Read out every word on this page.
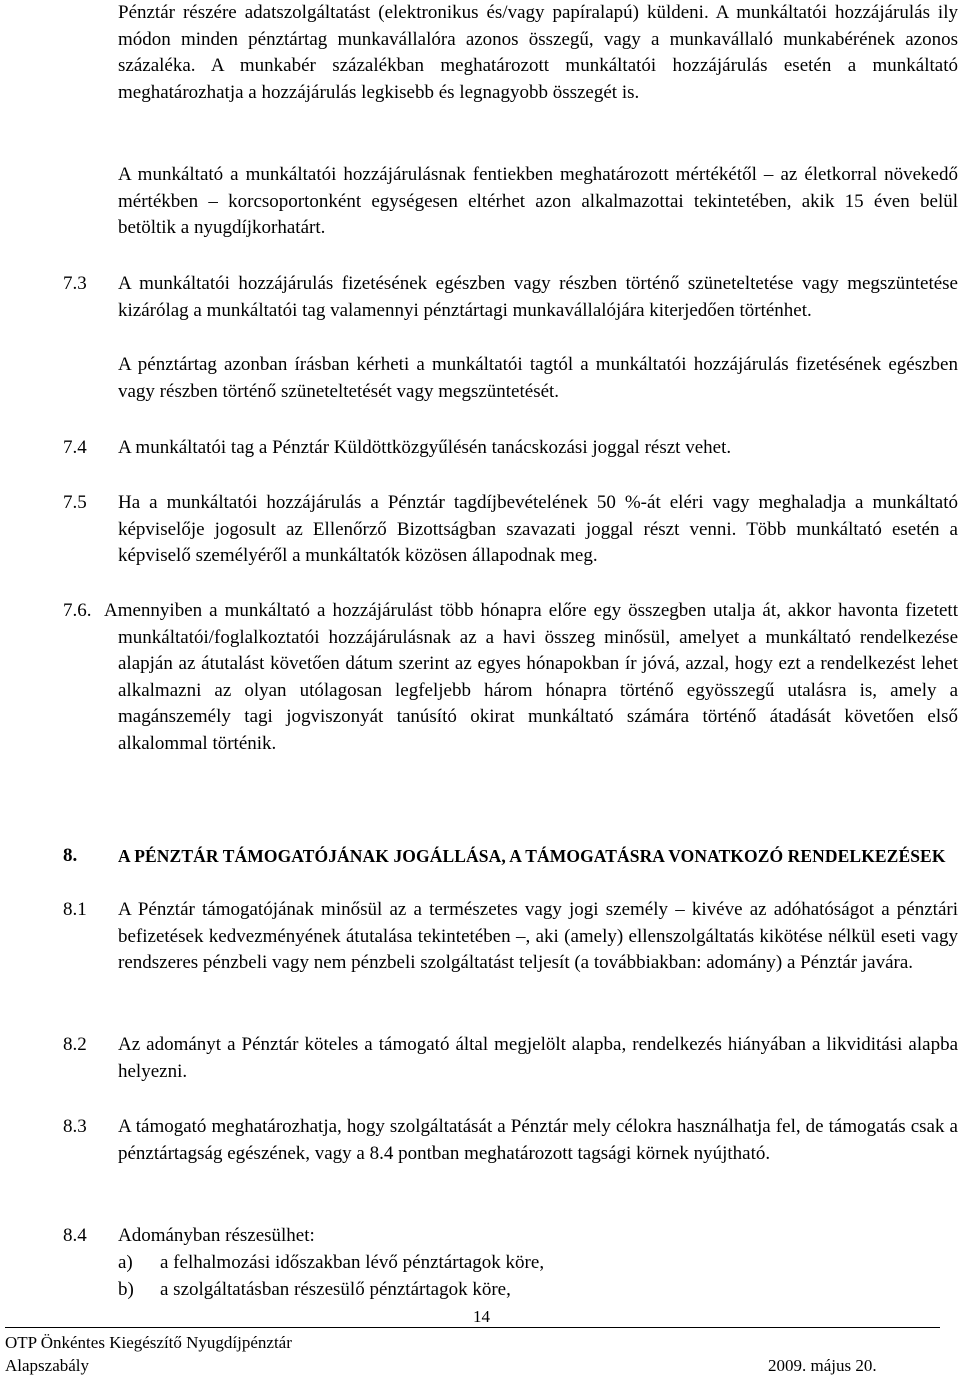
Pénztár részére adatszolgáltatást (elektronikus és/vagy papíralapú) küldeni. A munkáltatói hozzájárulás ily módon minden pénztártag munkavállalóra azonos összegű, vagy a munkavállaló munkabérének azonos százaléka. A munkabér százalékban meghatározott munkáltatói hozzájárulás esetén a munkáltató meghatározhatja a hozzájárulás legkisebb és legnagyobb összegét is.

A munkáltató a munkáltatói hozzájárulásnak fentiekben meghatározott mértékétől – az életkorral növekedő mértékben – korcsoportonként egységesen eltérhet azon alkalmazottai tekintetében, akik 15 éven belül betöltik a nyugdíjkorhatárt.

7.3 A munkáltatói hozzájárulás fizetésének egészben vagy részben történő szüneteltetése vagy megszüntetése kizárólag a munkáltatói tag valamennyi pénztártagi munkavállalójára kiterjedően történhet.

A pénztártag azonban írásban kérheti a munkáltatói tagtól a munkáltatói hozzájárulás fizetésének egészben vagy részben történő szüneteltetését vagy megszüntetését.

7.4 A munkáltatói tag a Pénztár Küldöttközgyűlésén tanácskozási joggal részt vehet.

7.5 Ha a munkáltatói hozzájárulás a Pénztár tagdíjbevételének 50 %-át eléri vagy meghaladja a munkáltató képviselője jogosult az Ellenőrző Bizottságban szavazati joggal részt venni. Több munkáltató esetén a képviselő személyéről a munkáltatók közösen állapodnak meg.

7.6. Amennyiben a munkáltató a hozzájárulást több hónapra előre egy összegben utalja át, akkor havonta fizetett munkáltatói/foglalkoztatói hozzájárulásnak az a havi összeg minősül, amelyet a munkáltató rendelkezése alapján az átutalást követően dátum szerint az egyes hónapokban ír jóvá, azzal, hogy ezt a rendelkezést lehet alkalmazni az olyan utólagosan legfeljebb három hónapra történő egyösszegű utalásra is, amely a magánszemély tagi jogviszonyát tanúsító okirat munkáltató számára történő átadását követően első alkalommal történik.

8. A PÉNZTÁR TÁMOGATÓJÁNAK JOGÁLLÁSA, A TÁMOGATÁSRA VONATKOZÓ RENDELKEZÉSEK
8.1 A Pénztár támogatójának minősül az a természetes vagy jogi személy – kivéve az adóhatóságot a pénztári befizetések kedvezményének átutalása tekintetében –, aki (amely) ellenszolgáltatás kikötése nélkül eseti vagy rendszeres pénzbeli vagy nem pénzbeli szolgáltatást teljesít (a továbbiakban: adomány) a Pénztár javára.

8.2 Az adományt a Pénztár köteles a támogató által megjelölt alapba, rendelkezés hiányában a likviditási alapba helyezni.

8.3 A támogató meghatározhatja, hogy szolgáltatását a Pénztár mely célokra használhatja fel, de támogatás csak a pénztártagság egészének, vagy a 8.4 pontban meghatározott tagsági körnek nyújtható.

8.4 Adományban részesülhet:
a)	a felhalmozási időszakban lévő pénztártagok köre,
b)	a szolgáltatásban részesülő pénztártagok köre,
OTP Önkéntes Kiegészítő Nyugdíjpénztár
14
Alapszabály	2009. május 20.
